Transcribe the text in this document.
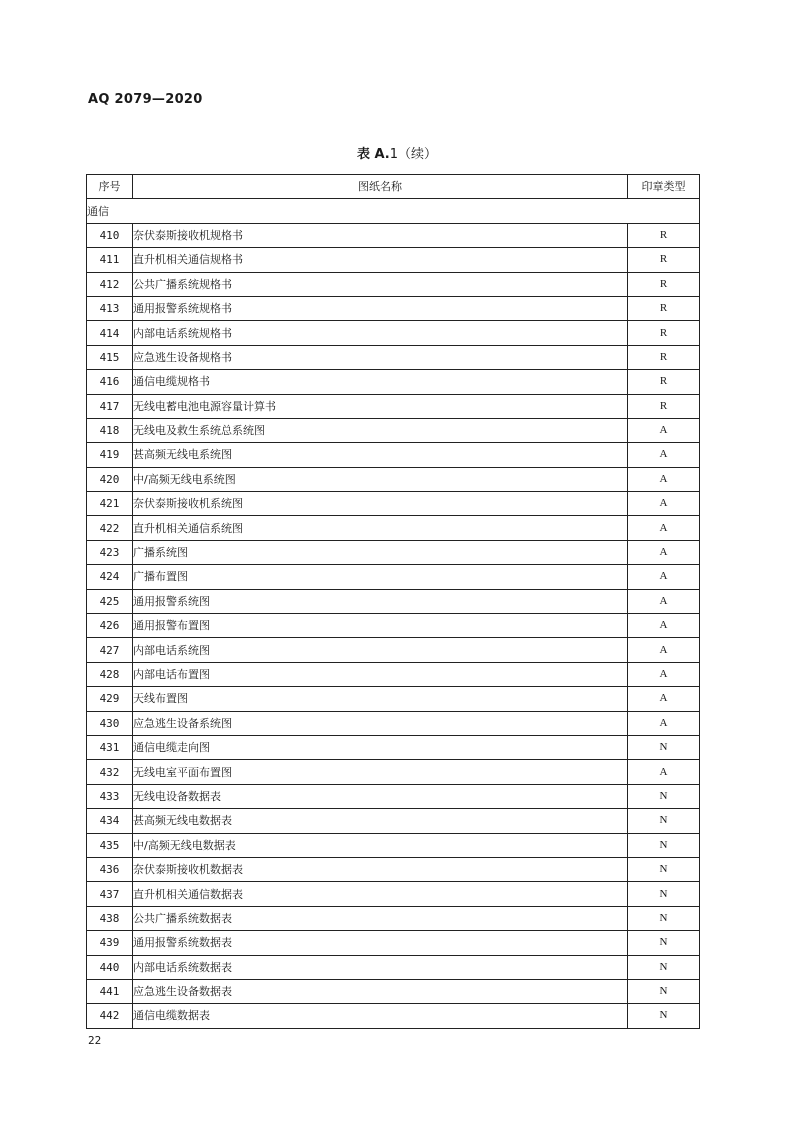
AQ 2079—2020
表 A.1（续）
序号	图纸名称	印章类型
通信		
410	奈伏泰斯接收机规格书	R
411	直升机相关通信规格书	R
412	公共广播系统规格书	R
413	通用报警系统规格书	R
414	内部电话系统规格书	R
415	应急逃生设备规格书	R
416	通信电缆规格书	R
417	无线电蓄电池电源容量计算书	R
418	无线电及救生系统总系统图	A
419	甚高频无线电系统图	A
420	中/高频无线电系统图	A
421	奈伏泰斯接收机系统图	A
422	直升机相关通信系统图	A
423	广播系统图	A
424	广播布置图	A
425	通用报警系统图	A
426	通用报警布置图	A
427	内部电话系统图	A
428	内部电话布置图	A
429	天线布置图	A
430	应急逃生设备系统图	A
431	通信电缆走向图	N
432	无线电室平面布置图	A
433	无线电设备数据表	N
434	甚高频无线电数据表	N
435	中/高频无线电数据表	N
436	奈伏泰斯接收机数据表	N
437	直升机相关通信数据表	N
438	公共广播系统数据表	N
439	通用报警系统数据表	N
440	内部电话系统数据表	N
441	应急逃生设备数据表	N
442	通信电缆数据表	N
22
